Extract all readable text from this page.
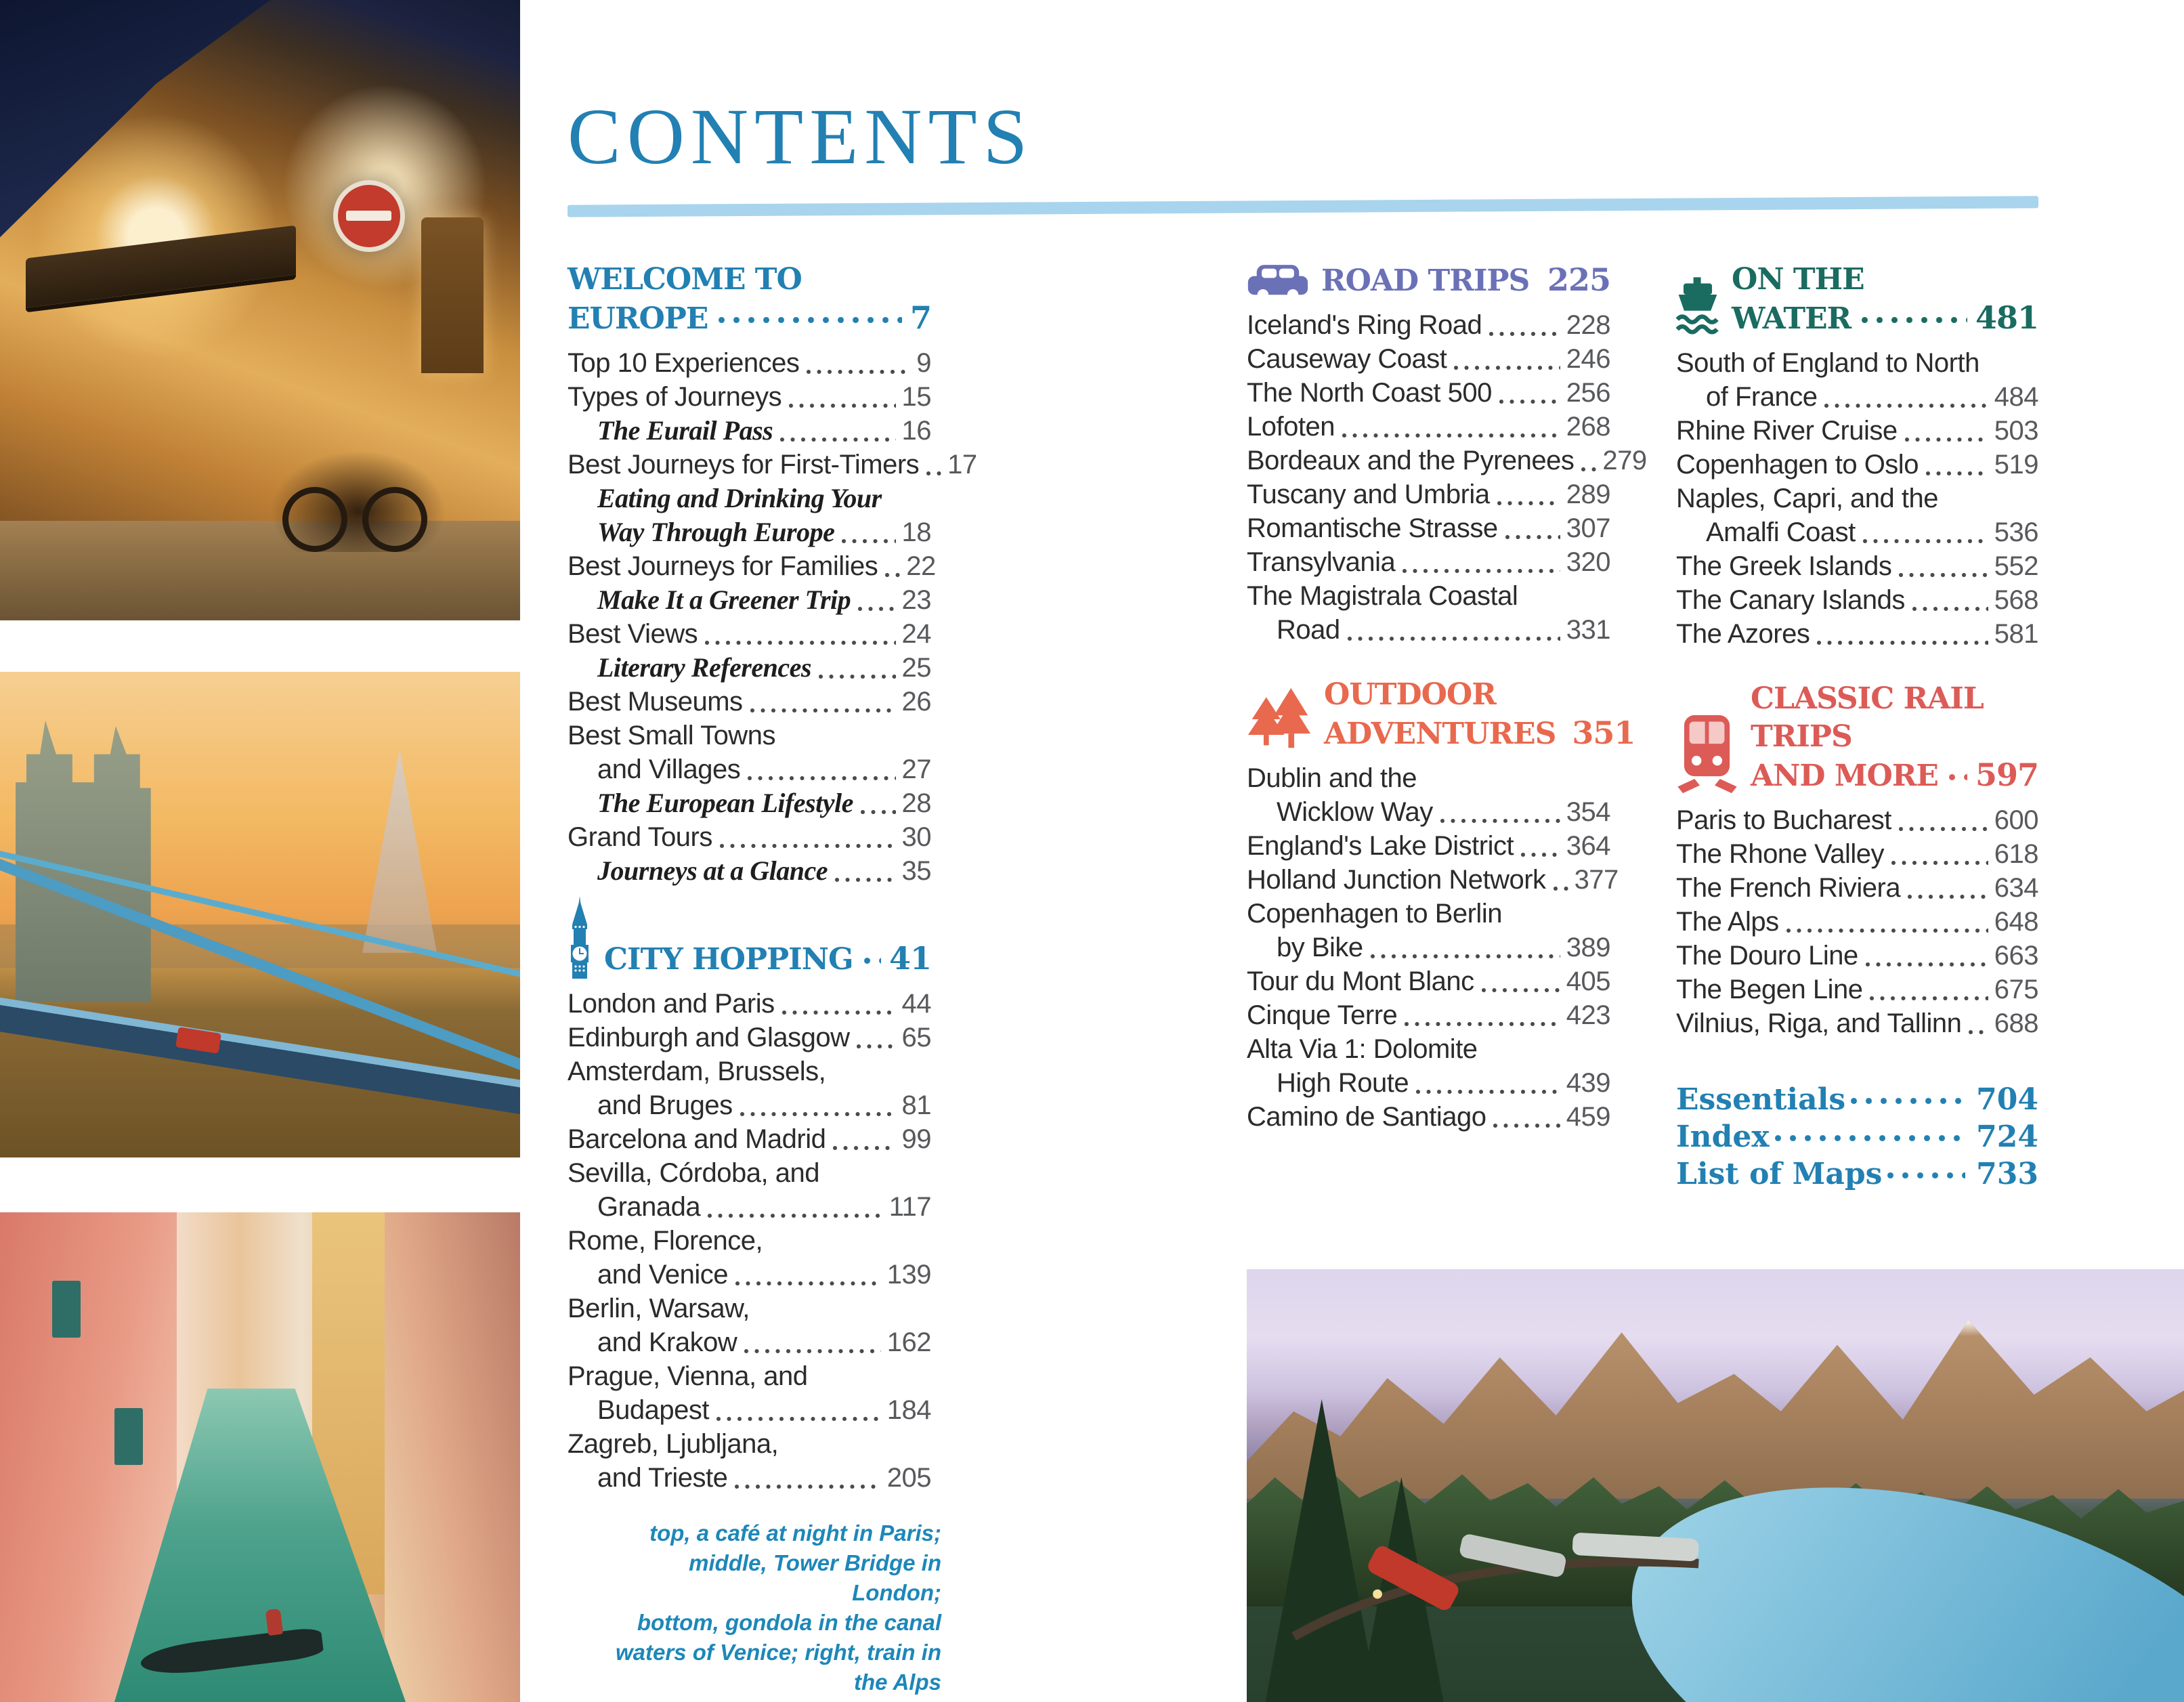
CONTENTS
WELCOME TO
EUROPE	7
Top 10 Experiences	9
Types of Journeys	15
The Eurail Pass	16
Best Journeys for First-Timers 17
Eating and Drinking Your
Way Through Europe 18
Best Journeys for Families 22
Make It a Greener Trip 23
Best Views	24
Literary References	25
Best Museums	26
Best Small Towns
and Villages	27
The European Lifestyle 28
Grand Tours	30
Journeys at a Glance	35
CITY HOPPING 41
London and Paris	44
Edinburgh and Glasgow 65
Amsterdam, Brussels,
and Bruges	81
Barcelona and Madrid	99
Sevilla, Córdoba, and
Granada	117
Rome, Florence,
and Venice	139
Berlin, Warsaw,
and Krakow	162
Prague, Vienna, and
Budapest	184
Zagreb, Ljubljana,
and Trieste	205
top, a café at night in Paris;
middle, Tower Bridge in London;
bottom, gondola in the canal
waters of Venice; right, train in the Alps
ROAD TRIPS 225
Iceland's Ring Road	228
Causeway Coast	246
The North Coast 500	256
Lofoten	268
Bordeaux and the Pyrenees 279
Tuscany and Umbria	289
Romantische Strasse	307
Transylvania	320
The Magistrala Coastal
Road	331
OUTDOOR
ADVENTURES 351
Dublin and the
Wicklow Way	354
England's Lake District 364
Holland Junction Network 377
Copenhagen to Berlin
by Bike	389
Tour du Mont Blanc	405
Cinque Terre	423
Alta Via 1: Dolomite
High Route	439
Camino de Santiago	459
ON THE
WATER	481
South of England to North
of France	484
Rhine River Cruise	503
Copenhagen to Oslo	519
Naples, Capri, and the
Amalfi Coast	536
The Greek Islands	552
The Canary Islands	568
The Azores	581
CLASSIC RAIL TRIPS
AND MORE 597
Paris to Bucharest	600
The Rhone Valley	618
The French Riviera	634
The Alps	648
The Douro Line	663
The Begen Line	675
Vilnius, Riga, and Tallinn 688
Essentials	704
Index	724
List of Maps	733
